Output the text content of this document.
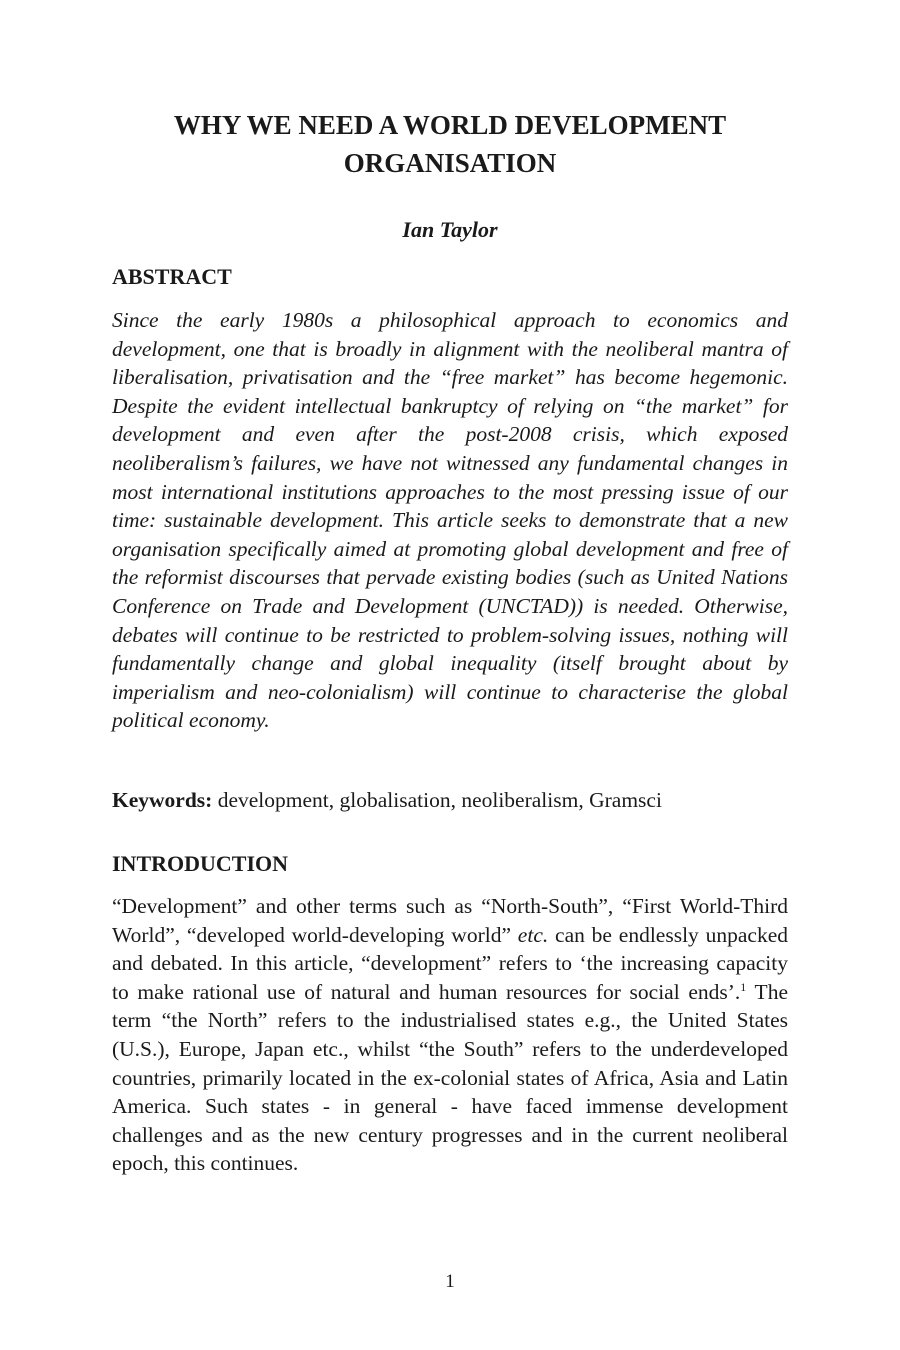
WHY WE NEED A WORLD DEVELOPMENT
ORGANISATION

Ian Taylor

ABSTRACT

Since the early 1980s a philosophical approach to economics and development, one that is broadly in alignment with the neoliberal mantra of liberalisation, privatisation and the “free market” has become hegemonic. Despite the evident intellectual bankruptcy of relying on “the market” for development and even after the post-2008 crisis, which exposed neoliberalism’s failures, we have not witnessed any fundamental changes in most international institutions approaches to the most pressing issue of our time: sustainable development. This article seeks to demonstrate that a new organisation specifically aimed at promoting global development and free of the reformist discourses that pervade existing bodies (such as United Nations Conference on Trade and Development (UNCTAD)) is needed. Otherwise, debates will continue to be restricted to problem-solving issues, nothing will fundamentally change and global inequality (itself brought about by imperialism and neo-colonialism) will continue to characterise the global political economy.

Keywords: development, globalisation, neoliberalism, Gramsci

INTRODUCTION

“Development” and other terms such as “North-South”, “First World-Third World”, “developed world-developing world” etc. can be endlessly unpacked and debated. In this article, “development” refers to ‘the increasing capacity to make rational use of natural and human resources for social ends’.$^1$ The term “the North” refers to the industrialised states e.g., the United States (U.S.), Europe, Japan etc., whilst “the South” refers to the underdeveloped countries, primarily located in the ex-colonial states of Africa, Asia and Latin America. Such states - in general - have faced immense development challenges and as the new century progresses and in the current neoliberal epoch, this continues.

1
